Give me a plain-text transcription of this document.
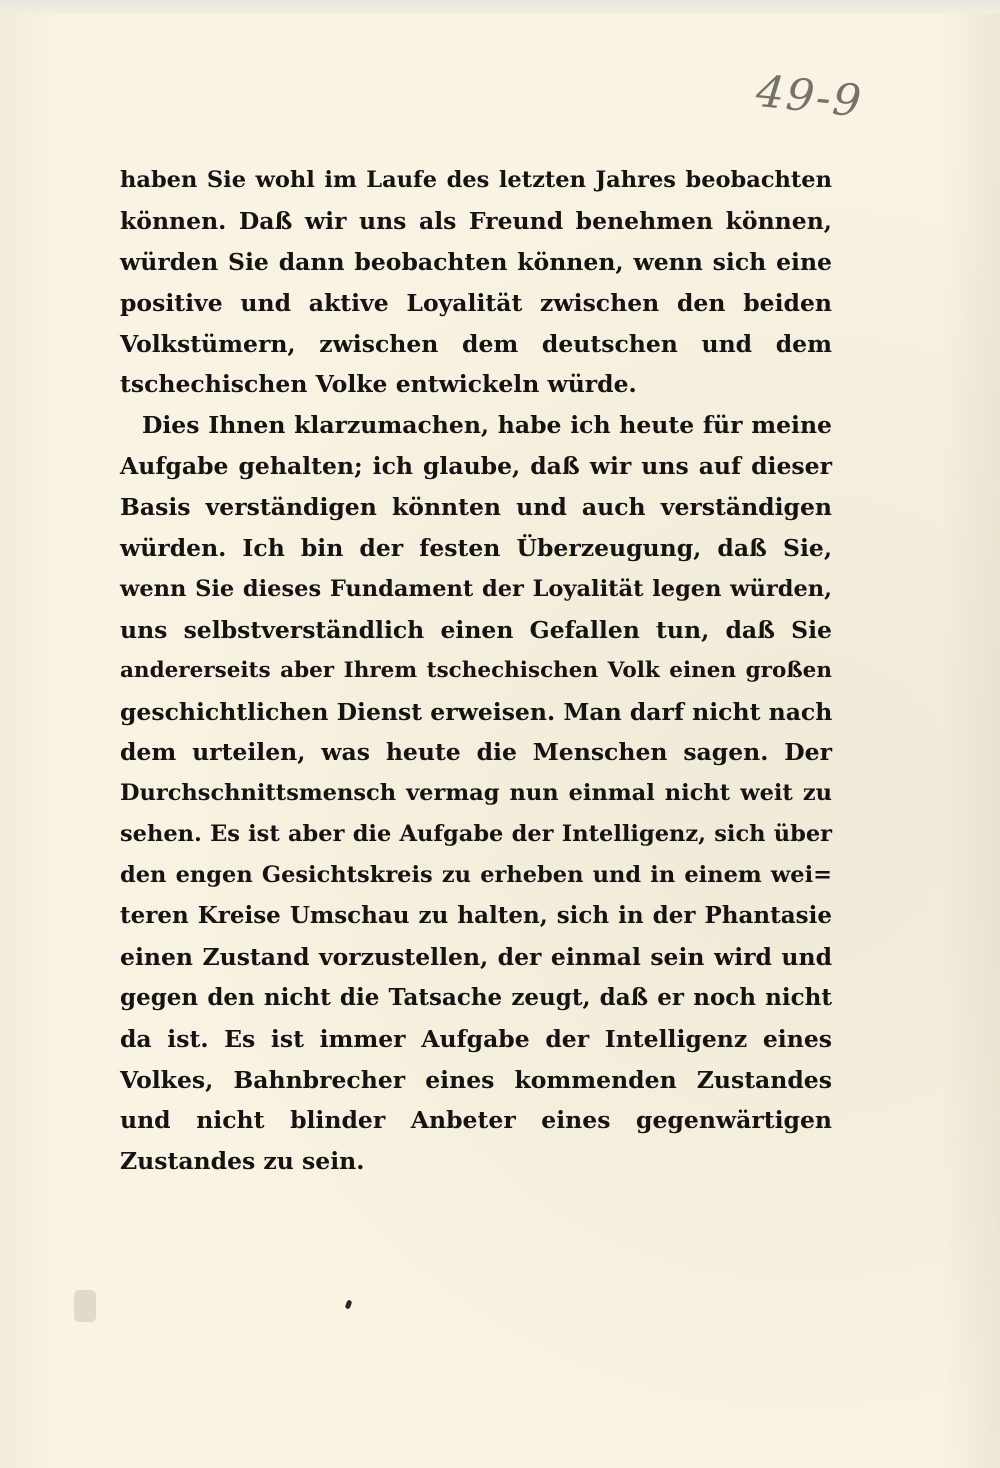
49-9

haben Sie wohl im Laufe des letzten Jahres beobachten
können. Daß wir uns als Freund benehmen können,
würden Sie dann beobachten können, wenn sich eine
positive und aktive Loyalität zwischen den beiden
Volkstümern, zwischen dem deutschen und dem
tschechischen Volke entwickeln würde.

Dies Ihnen klarzumachen, habe ich heute für meine
Aufgabe gehalten; ich glaube, daß wir uns auf dieser
Basis verständigen könnten und auch verständigen
würden. Ich bin der festen Überzeugung, daß Sie,
wenn Sie dieses Fundament der Loyalität legen würden,
uns selbstverständlich einen Gefallen tun, daß Sie
andererseits aber Ihrem tschechischen Volk einen großen
geschichtlichen Dienst erweisen. Man darf nicht nach
dem urteilen, was heute die Menschen sagen. Der
Durchschnittsmensch vermag nun einmal nicht weit zu
sehen. Es ist aber die Aufgabe der Intelligenz, sich über
den engen Gesichtskreis zu erheben und in einem wei=
teren Kreise Umschau zu halten, sich in der Phantasie
einen Zustand vorzustellen, der einmal sein wird und
gegen den nicht die Tatsache zeugt, daß er noch nicht
da ist. Es ist immer Aufgabe der Intelligenz eines
Volkes, Bahnbrecher eines kommenden Zustandes
und nicht blinder Anbeter eines gegenwärtigen
Zustandes zu sein.
